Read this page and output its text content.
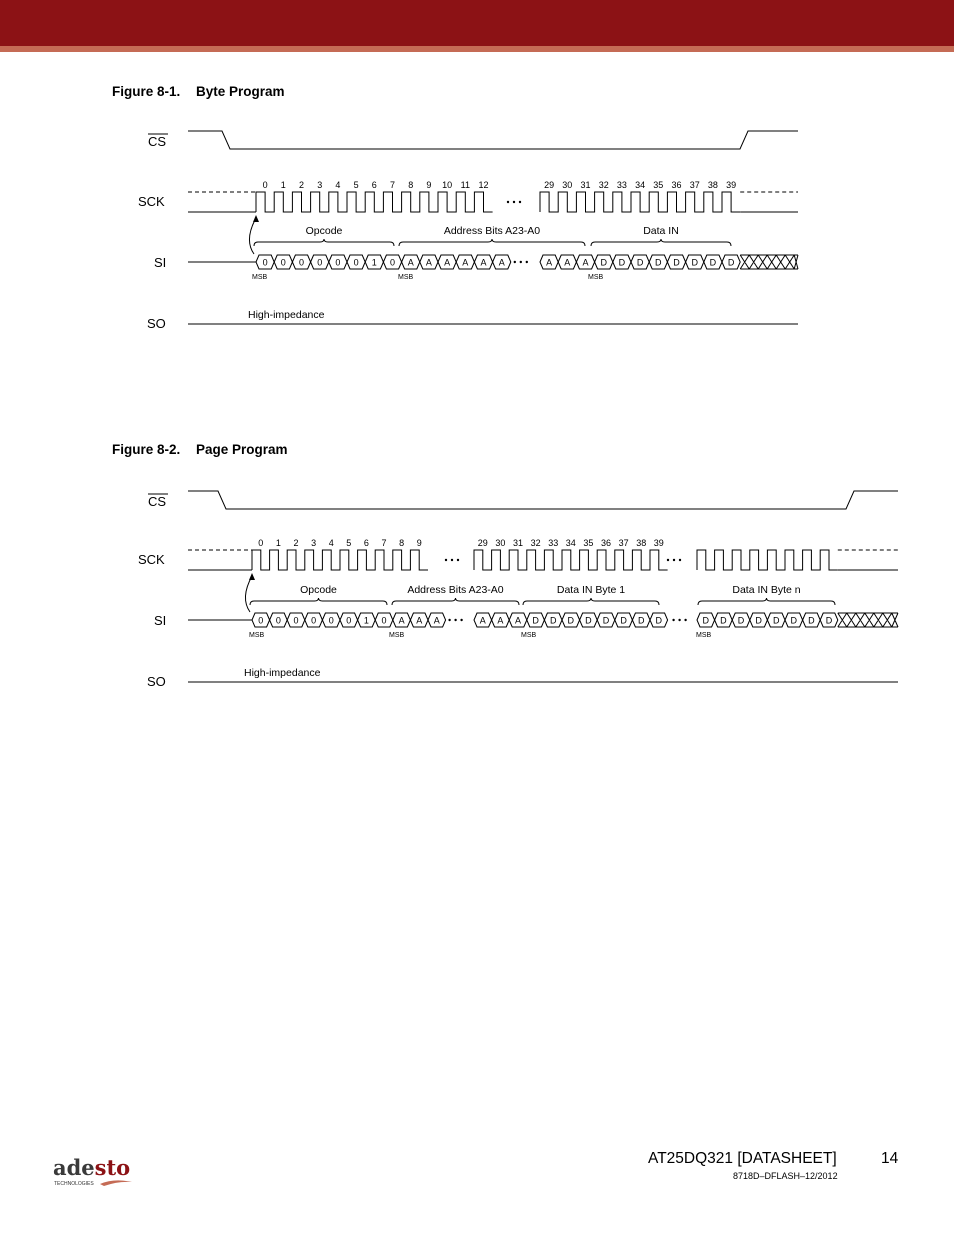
Figure 8-1. Byte Program
CS
SCK
0 1 2 3 4 5 6 7 8 9 10 11 12	29 30 31 32 33 34 35 36 37 38 39
SI	0 0 0 0 0 0 1 0 A A A A A A	A A A D D D D D D D D
MSB	MSB	MSB
Opcode	Address Bits A23-A0	Data IN
SO
High-impedance
Figure 8-2. Page Program
CS
SCK
0 1 2 3 4 5 6 7 8 9	29 30 31 32 33 34 35 36 37 38 39
SI	0 0 0 0 0 0 1 0 A A A	A A A D D D D D D D D	D D D D D D D D
MSB	MSB	MSB	MSB
Opcode	Address Bits A23-A0	Data IN Byte 1	Data IN Byte n
SO
High-impedance
adesto
TECHNOLOGIES
AT25DQ321 [DATASHEET]	14
8718D–DFLASH–12/2012
